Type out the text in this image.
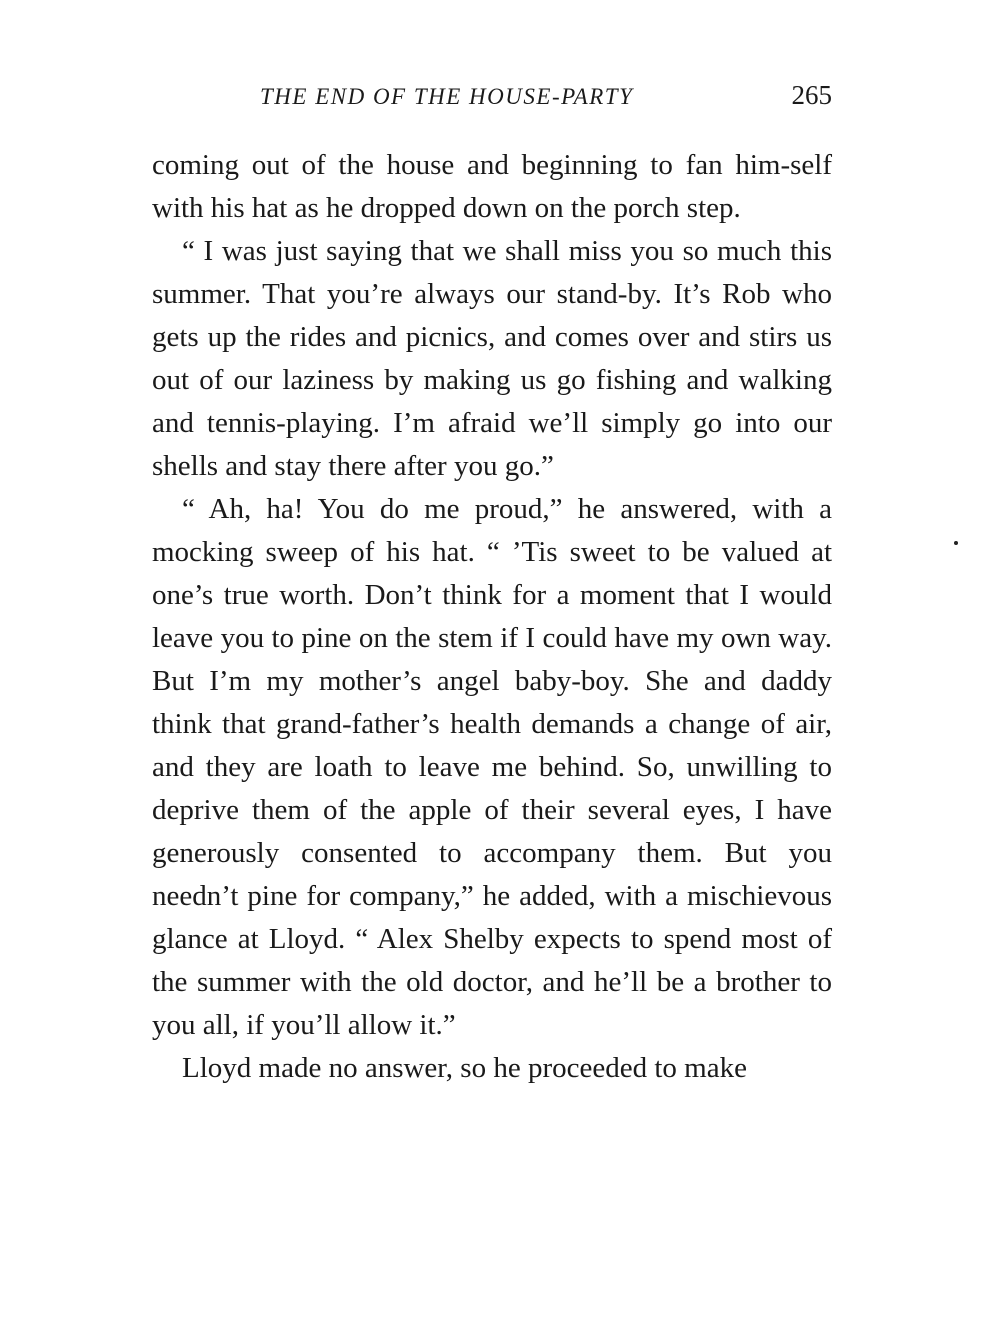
THE END OF THE HOUSE-PARTY	265

coming out of the house and beginning to fan him-self with his hat as he dropped down on the porch step.

“ I was just saying that we shall miss you so much this summer. That you’re always our stand-by. It’s Rob who gets up the rides and picnics, and comes over and stirs us out of our laziness by making us go fishing and walking and tennis-playing. I’m afraid we’ll simply go into our shells and stay there after you go.”

“ Ah, ha! You do me proud,” he answered, with a mocking sweep of his hat. “ ’Tis sweet to be valued at one’s true worth. Don’t think for a moment that I would leave you to pine on the stem if I could have my own way. But I’m my mother’s angel baby-boy. She and daddy think that grand-father’s health demands a change of air, and they are loath to leave me behind. So, unwilling to deprive them of the apple of their several eyes, I have generously consented to accompany them. But you needn’t pine for company,” he added, with a mischievous glance at Lloyd. “ Alex Shelby expects to spend most of the summer with the old doctor, and he’ll be a brother to you all, if you’ll allow it.”

Lloyd made no answer, so he proceeded to make
